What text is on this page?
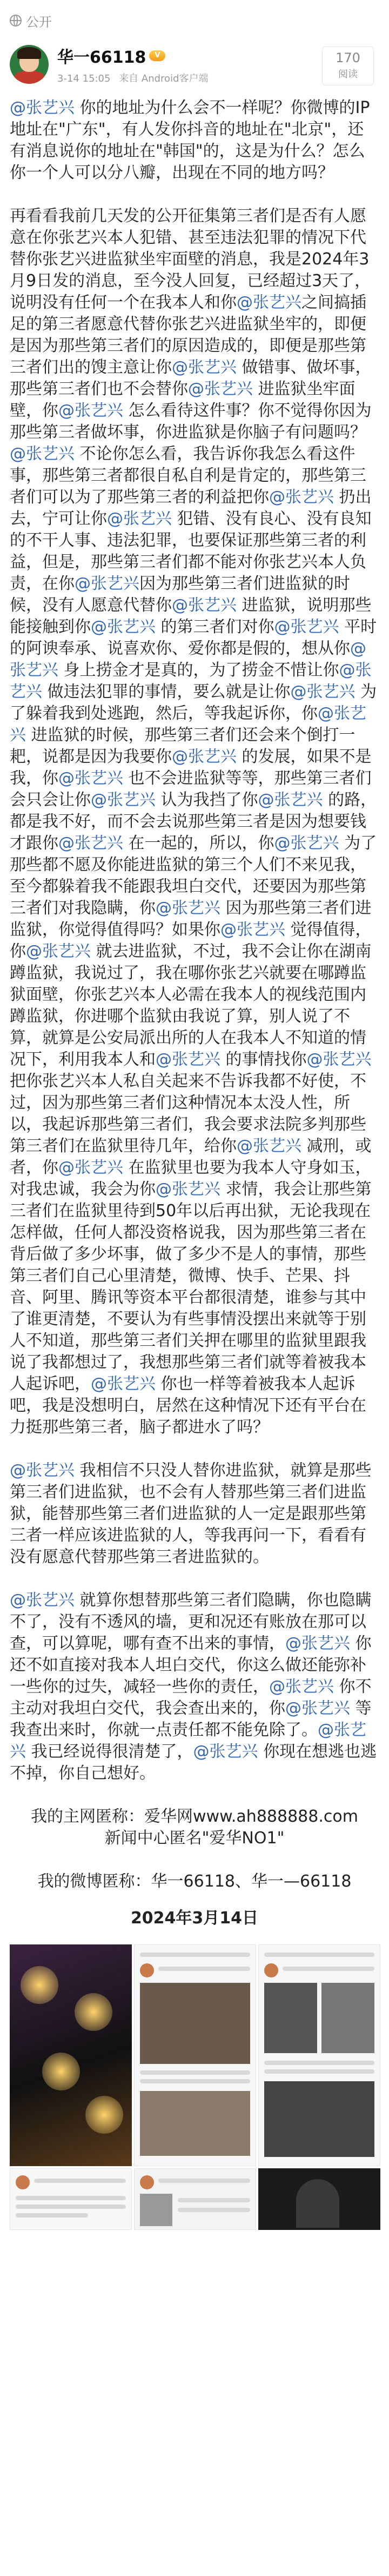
公开
华一66118	V
3-14 15:05 来自 Android客户端
170
阅读
@张艺兴 你的地址为什么会不一样呢？你微博的IP地址在"广东"，有人发你抖音的地址在"北京"，还有消息说你的地址在"韩国"的，这是为什么？怎么你一个人可以分八瓣，出现在不同的地方吗？
再看看我前几天发的公开征集第三者们是否有人愿意在你张艺兴本人犯错、甚至违法犯罪的情况下代替你张艺兴进监狱坐牢面壁的消息，我是2024年3月9日发的消息，至今没人回复，已经超过3天了，说明没有任何一个在我本人和你@张艺兴之间搞插足的第三者愿意代替你张艺兴进监狱坐牢的，即便是因为那些第三者们的原因造成的，即便是那些第三者们出的馊主意让你@张艺兴 做错事、做坏事，那些第三者们也不会替你@张艺兴 进监狱坐牢面壁，你@张艺兴 怎么看待这件事？你不觉得你因为那些第三者做坏事，你进监狱是你脑子有问题吗？@张艺兴 不论你怎么看，我告诉你我怎么看这件事，那些第三者都很自私自利是肯定的，那些第三者们可以为了那些第三者的利益把你@张艺兴 扔出去，宁可让你@张艺兴 犯错、没有良心、没有良知的不干人事、违法犯罪，也要保证那些第三者的利益，但是，那些第三者们都不能对你张艺兴本人负责，在你@张艺兴因为那些第三者们进监狱的时候，没有人愿意代替你@张艺兴 进监狱，说明那些能接触到你@张艺兴 的第三者们对你@张艺兴 平时的阿谀奉承、说喜欢你、爱你都是假的，想从你@张艺兴 身上捞金才是真的，为了捞金不惜让你@张艺兴 做违法犯罪的事情，要么就是让你@张艺兴 为了躲着我到处逃跑，然后，等我起诉你，你@张艺兴 进监狱的时候，那些第三者们还会来个倒打一耙，说都是因为我要你@张艺兴 的发展，如果不是我，你@张艺兴 也不会进监狱等等，那些第三者们会只会让你@张艺兴 认为我挡了你@张艺兴 的路，都是我不好，而不会去说那些第三者是因为想要钱才跟你@张艺兴 在一起的，所以，你@张艺兴 为了那些都不愿及你能进监狱的第三个人们不来见我，至今都躲着我不能跟我坦白交代，还要因为那些第三者们对我隐瞒，你@张艺兴 因为那些第三者们进监狱，你觉得值得吗？如果你@张艺兴 觉得值得，你@张艺兴 就去进监狱，不过，我不会让你在湖南蹲监狱，我说过了，我在哪你张艺兴就要在哪蹲监狱面壁，你张艺兴本人必需在我本人的视线范围内蹲监狱，你进哪个监狱由我说了算，别人说了不算，就算是公安局派出所的人在我本人不知道的情况下，利用我本人和@张艺兴 的事情找你@张艺兴 把你张艺兴本人私自关起来不告诉我都不好使，不过，因为那些第三者们这种情况本太没人性，所以，我起诉那些第三者们，我会要求法院多判那些第三者们在监狱里待几年，给你@张艺兴 减刑，或者，你@张艺兴 在监狱里也要为我本人守身如玉，对我忠诚，我会为你@张艺兴 求情，我会让那些第三者们在监狱里待到50年以后再出狱，无论我现在怎样做，任何人都没资格说我，因为那些第三者在背后做了多少坏事，做了多少不是人的事情，那些第三者们自己心里清楚，微博、快手、芒果、抖音、阿里、腾讯等资本平台都很清楚，谁参与其中了谁更清楚，不要认为有些事情没摆出来就等于别人不知道，那些第三者们关押在哪里的监狱里跟我说了我都想过了，我想那些第三者们就等着被我本人起诉吧，@张艺兴 你也一样等着被我本人起诉吧，我是没想明白，居然在这种情况下还有平台在力挺那些第三者，脑子都进水了吗？
@张艺兴 我相信不只没人替你进监狱，就算是那些第三者们进监狱，也不会有人替那些第三者们进监狱，能替那些第三者们进监狱的人一定是跟那些第三者一样应该进监狱的人，等我再问一下，看看有没有愿意代替那些第三者进监狱的。
@张艺兴 就算你想替那些第三者们隐瞒，你也隐瞒不了，没有不透风的墙，更和况还有账放在那可以查，可以算呢，哪有查不出来的事情，@张艺兴 你还不如直接对我本人坦白交代，你这么做还能弥补一些你的过失，减轻一些你的责任，@张艺兴 你不主动对我坦白交代，我会查出来的，你@张艺兴 等我查出来时，你就一点责任都不能免除了。@张艺兴 我已经说得很清楚了，@张艺兴 你现在想逃也逃不掉，你自己想好。
我的主网匿称：爱华网www.ah888888.com
新闻中心匿名"爱华NO1"
我的微博匿称：华一66118、华一—66118
2024年3月14日
